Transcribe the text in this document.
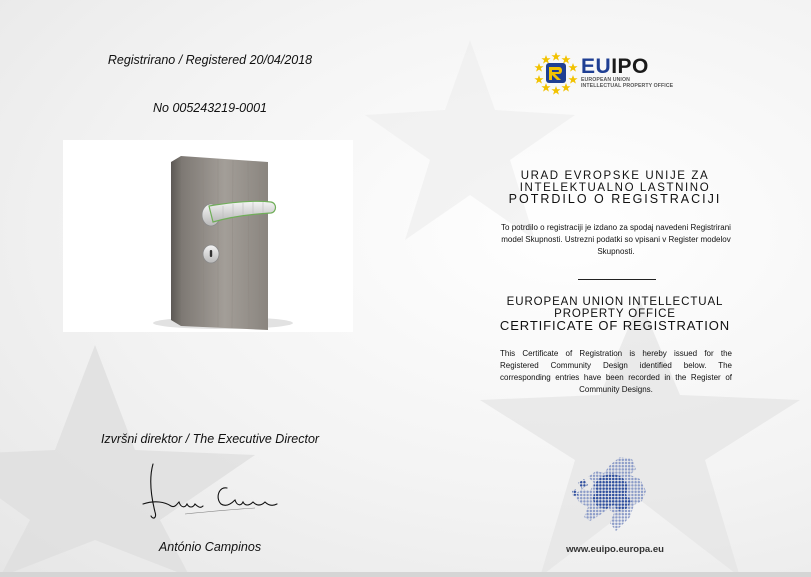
Registrirano / Registered 20/04/2018
No 005243219-0001
Izvršni direktor / The Executive Director
António Campinos
EUIPO
EUROPEAN UNION
INTELLECTUAL PROPERTY OFFICE
URAD EVROPSKE UNIJE ZA
INTELEKTUALNO LASTNINO
POTRDILO O REGISTRACIJI
To potrdilo o registraciji je izdano za spodaj navedeni Registrirani model Skupnosti. Ustrezni podatki so vpisani v Register modelov Skupnosti.
EUROPEAN UNION INTELLECTUAL
PROPERTY OFFICE
CERTIFICATE OF REGISTRATION
This Certificate of Registration is hereby issued for the Registered Community Design identified below. The corresponding entries have been recorded in the Register of Community Designs.
www.euipo.europa.eu
